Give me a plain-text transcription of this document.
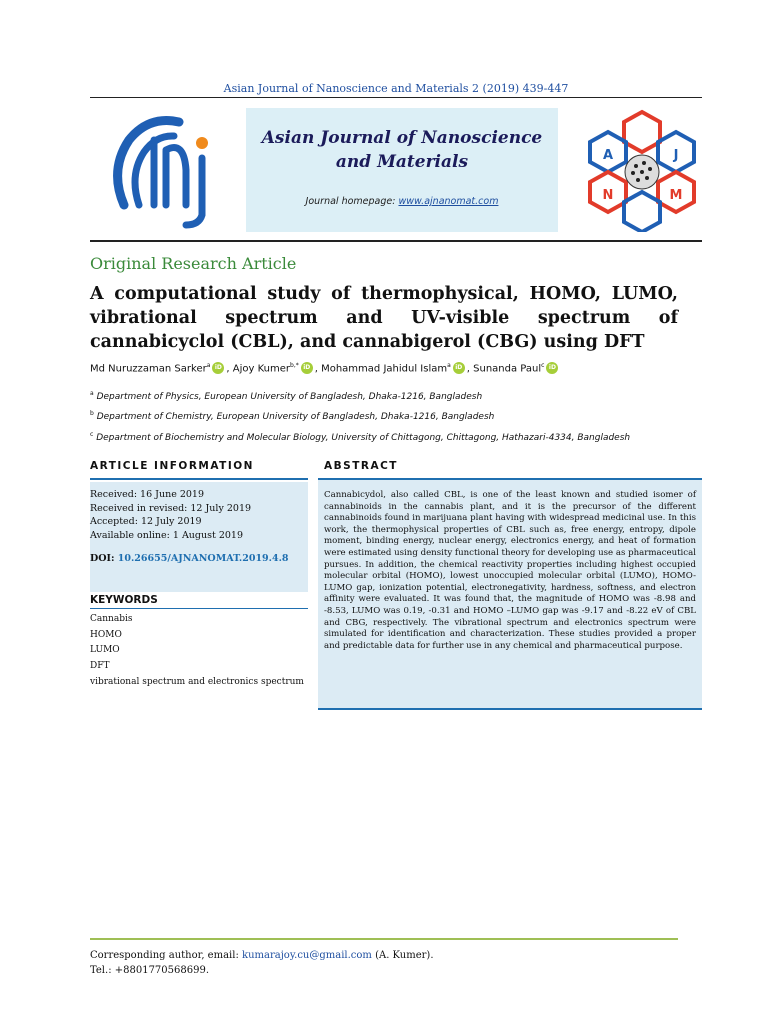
Asian Journal of Nanoscience and Materials 2 (2019) 439-447
Asian Journal of Nanoscience and Materials
Journal homepage: www.ajnanomat.com
A	J
N	M
Original Research Article
A computational study of thermophysical, HOMO, LUMO, vibrational spectrum and UV-visible spectrum of cannabicyclol (CBL), and cannabigerol (CBG) using DFT
Md Nuruzzaman Sarker$^a$ iD , Ajoy Kumer$^{b,*}$ iD , Mohammad Jahidul Islam$^a$ iD , Sunanda Paul$^c$ iD
$^a$ Department of Physics, European University of Bangladesh, Dhaka-1216, Bangladesh
$^b$ Department of Chemistry, European University of Bangladesh, Dhaka-1216, Bangladesh
$^c$ Department of Biochemistry and Molecular Biology, University of Chittagong, Chittagong, Hathazari-4334, Bangladesh
ARTICLE INFORMATION	ABSTRACT
Received: 16 June 2019
Received in revised: 12 July 2019
Accepted: 12 July 2019
Available online: 1 August 2019
DOI: 10.26655/AJNANOMAT.2019.4.8
KEYWORDS
Cannabis
HOMO
LUMO
DFT
vibrational spectrum and electronics spectrum
Cannabicydol, also called CBL, is one of the least known and studied isomer of cannabinoids in the cannabis plant, and it is the precursor of the different cannabinoids found in marijuana plant having with widespread medicinal use. In this work, the thermophysical properties of CBL such as, free energy, entropy, dipole moment, binding energy, nuclear energy, electronics energy, and heat of formation were estimated using density functional theory for developing use as pharmaceutical pursues. In addition, the chemical reactivity properties including highest occupied molecular orbital (HOMO), lowest unoccupied molecular orbital (LUMO), HOMO-LUMO gap, ionization potential, electronegativity, hardness, softness, and electron affinity were evaluated. It was found that, the magnitude of HOMO was -8.98 and -8.53, LUMO was 0.19, -0.31 and HOMO –LUMO gap was -9.17 and -8.22 eV of CBL and CBG, respectively. The vibrational spectrum and electronics spectrum were simulated for identification and characterization. These studies provided a proper and predictable data for further use in any chemical and pharmaceutical purpose.
Corresponding author, email: kumarajoy.cu@gmail.com (A. Kumer).
Tel.: +8801770568699.
